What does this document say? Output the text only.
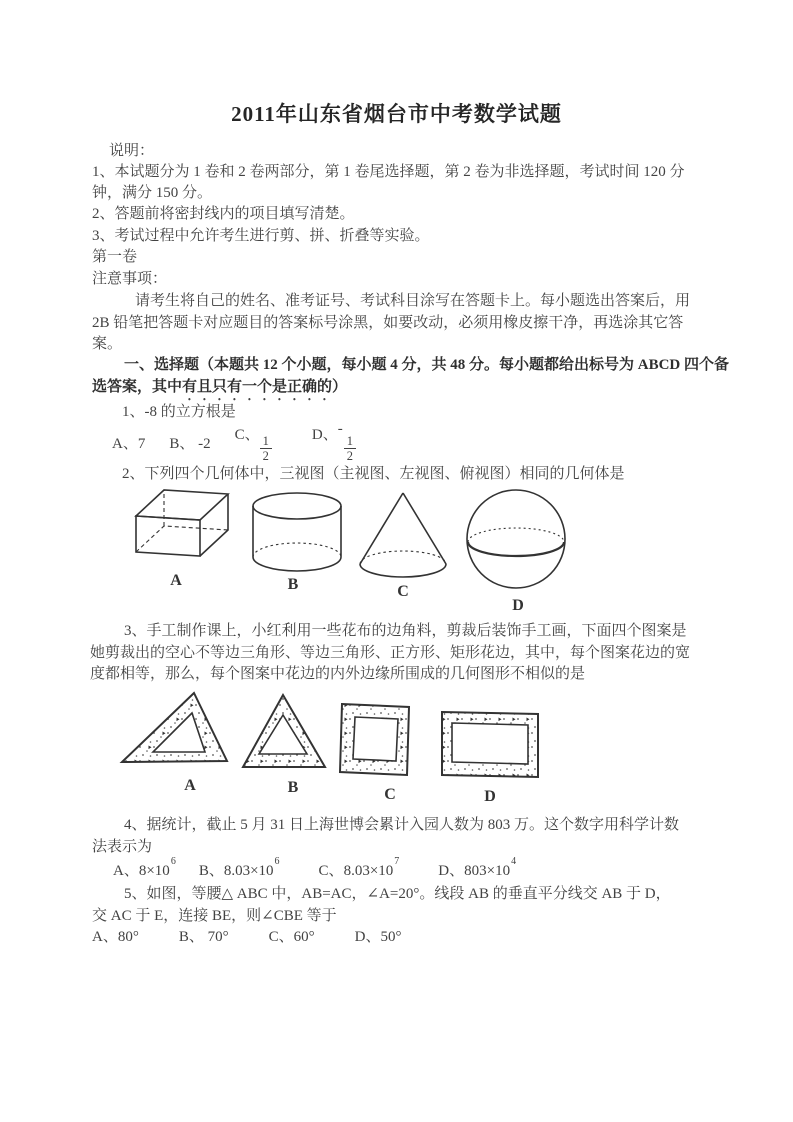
2011年山东省烟台市中考数学试题
说明：
1、本试题分为 1 卷和 2 卷两部分，第 1 卷尾选择题，第 2 卷为非选择题，考试时间 120 分
钟，满分 150 分。
2、答题前将密封线内的项目填写清楚。
3、考试过程中允许考生进行剪、拼、折叠等实验。
第一卷
注意事项：
请考生将自己的姓名、准考证号、考试科目涂写在答题卡上。每小题选出答案后，用
2B 铅笔把答题卡对应题目的答案标号涂黑，如要改动，必须用橡皮擦干净，再选涂其它答
案。
一、选择题（本题共 12 个小题，每小题 4 分，共 48 分。每小题都给出标号为 ABCD 四个备
选答案，其中有且只有一个是正确的）
1、-8 的立方根是
A、7 B、 -2
C、 $\frac{1}{2}$	D、-
$\frac{1}{2}$
2、下列四个几何体中，三视图（主视图、左视图、俯视图）相同的几何体是
A	B	C
D
3、手工制作课上，小红利用一些花布的边角料，剪裁后装饰手工画，下面四个图案是
她剪裁出的空心不等边三角形、等边三角形、正方形、矩形花边，其中，每个图案花边的宽
度都相等，那么，每个图案中花边的内外边缘所围成的几何图形不相似的是
A	B	C	D
4、据统计，截止 5 月 31 日上海世博会累计入园人数为 803 万。这个数字用科学计数
法表示为
A、$8\times 10^6$
B、$8.03\times 10^6$
C、$8.03\times 10^7$
D、$803\times 10^4$
5、如图，等腰△ ABC 中，AB=AC，∠A=20°。线段 AB 的垂直平分线交 AB 于 D，
交 AC 于 E，连接 BE，则∠CBE 等于
A、80°	B、 70°	C、60°	D、50°
